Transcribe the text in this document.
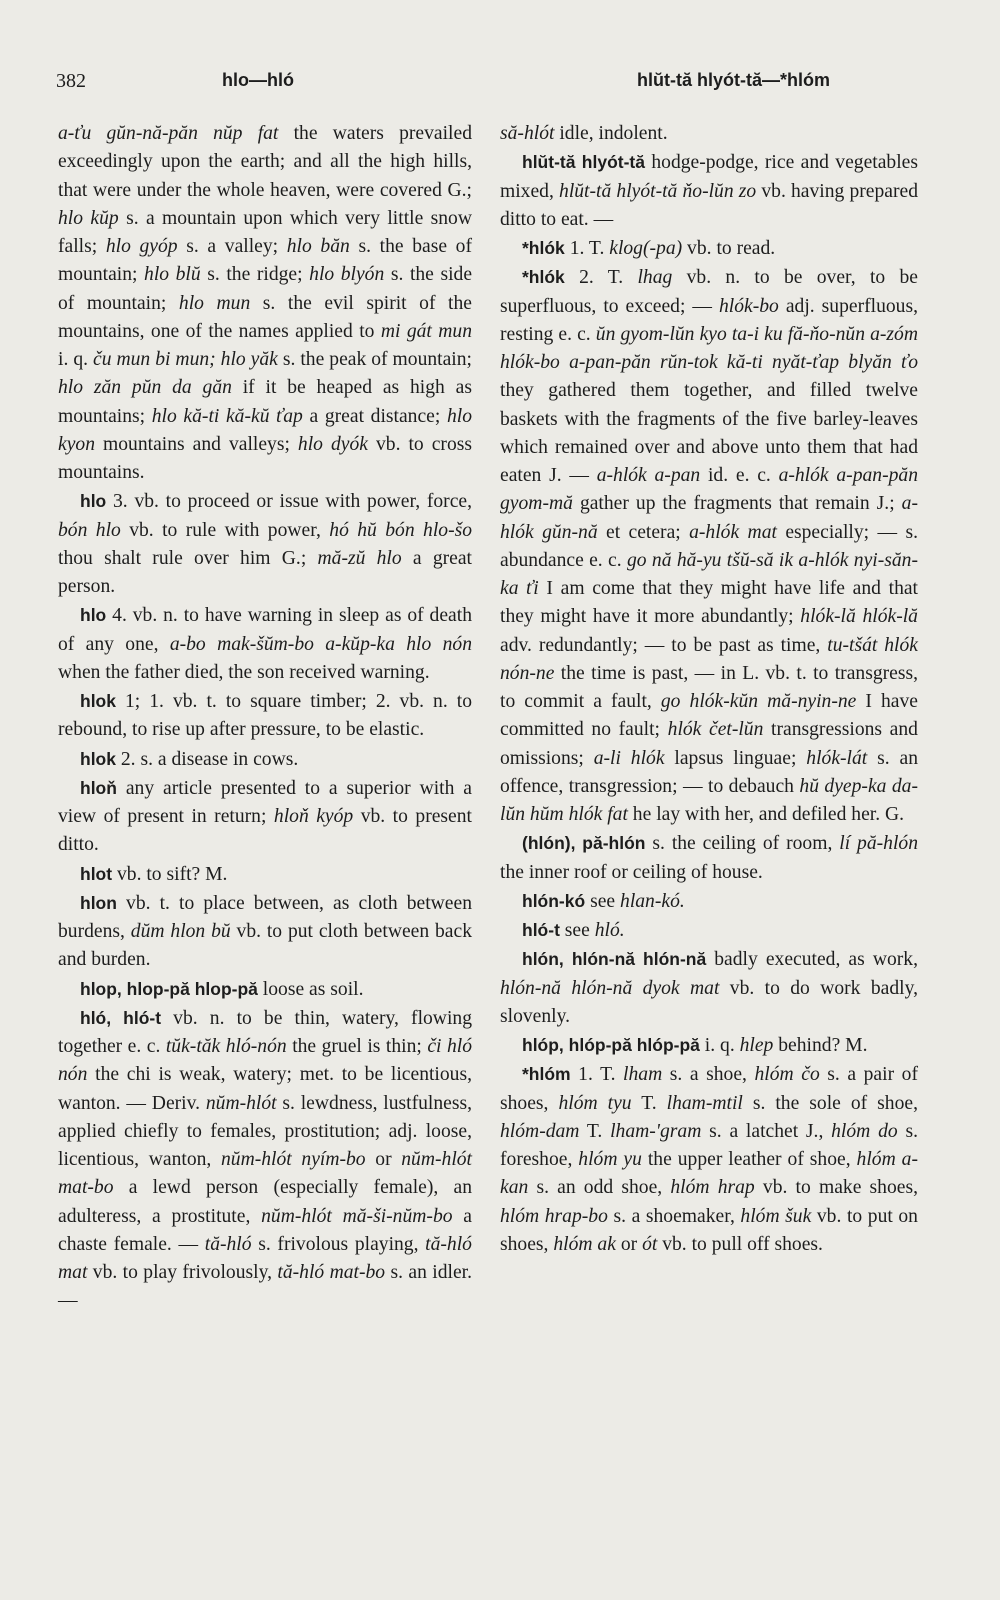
382	hlo—hló	hlŭt-tă hlyót-tă—*hlóm

a-ťu gŭn-nă-păn nŭp fat the waters prevailed exceedingly upon the earth; and all the high hills, that were under the whole heaven, were covered G.; hlo kŭp s. a mountain upon which very little snow falls; hlo gyóp s. a valley; hlo băn s. the base of mountain; hlo blŭ s. the ridge; hlo blyón s. the side of mountain; hlo mun s. the evil spirit of the mountains, one of the names applied to mi gát mun i. q. ču mun bi mun; hlo yăk s. the peak of mountain; hlo zăn pŭn da găn if it be heaped as high as mountains; hlo kă-ti kă-kŭ ťap a great distance; hlo kyon mountains and valleys; hlo dyók vb. to cross mountains.

hlo 3. vb. to proceed or issue with power, force, bón hlo vb. to rule with power, hó hŭ bón hlo-šo thou shalt rule over him G.; mă-zŭ hlo a great person.

hlo 4. vb. n. to have warning in sleep as of death of any one, a-bo mak-šŭm-bo a-kŭp-ka hlo nón when the father died, the son received warning.

hlok 1; 1. vb. t. to square timber; 2. vb. n. to rebound, to rise up after pressure, to be elastic.

hlok 2. s. a disease in cows.

hloň any article presented to a superior with a view of present in return; hloň kyóp vb. to present ditto.

hlot vb. to sift? M.

hlon vb. t. to place between, as cloth between burdens, dŭm hlon bŭ vb. to put cloth between back and burden.

hlop, hlop-pă hlop-pă loose as soil.

hló, hló-t vb. n. to be thin, watery, flowing together e. c. tŭk-tăk hló-nón the gruel is thin; či hló nón the chi is weak, watery; met. to be licentious, wanton. — Deriv. nŭm-hlót s. lewdness, lustfulness, applied chiefly to females, prostitution; adj. loose, licentious, wanton, nŭm-hlót nyím-bo or nŭm-hlót mat-bo a lewd person (especially female), an adulteress, a prostitute, nŭm-hlót mă-ši-nŭm-bo a chaste female. — tă-hló s. frivolous playing, tă-hló mat vb. to play frivolously, tă-hló mat-bo s. an idler. —

să-hlót idle, indolent.

hlŭt-tă hlyót-tă hodge-podge, rice and vegetables mixed, hlŭt-tă hlyót-tă ňo-lŭn zo vb. having prepared ditto to eat. —

*hlók 1. T. klog(-pa) vb. to read.

*hlók 2. T. lhag vb. n. to be over, to be superfluous, to exceed; — hlók-bo adj. superfluous, resting e. c. ŭn gyom-lŭn kyo ta-i ku fă-ňo-nŭn a-zóm hlók-bo a-pan-păn rŭn-tok kă-ti nyăt-ťap blyăn ťo they gathered them together, and filled twelve baskets with the fragments of the five barley-leaves which remained over and above unto them that had eaten J. — a-hlók a-pan id. e. c. a-hlók a-pan-păn gyom-mă gather up the fragments that remain J.; a-hlók gŭn-nă et cetera; a-hlók mat especially; — s. abundance e. c. go nă hă-yu tšŭ-să ik a-hlók nyi-săn-ka ťi I am come that they might have life and that they might have it more abundantly; hlók-lă hlók-lă adv. redundantly; — to be past as time, tu-tšát hlók nón-ne the time is past, — in L. vb. t. to transgress, to commit a fault, go hlók-kŭn mă-nyin-ne I have committed no fault; hlók čet-lŭn transgressions and omissions; a-li hlók lapsus linguae; hlók-lát s. an offence, transgression; — to debauch hŭ dyep-ka da-lŭn hŭm hlók fat he lay with her, and defiled her. G.

(hlón), pă-hlón s. the ceiling of room, lí pă-hlón the inner roof or ceiling of house.

hlón-kó see hlan-kó.

hló-t see hló.

hlón, hlón-nă hlón-nă badly executed, as work, hlón-nă hlón-nă dyok mat vb. to do work badly, slovenly.

hlóp, hlóp-pă hlóp-pă i. q. hlep behind? M.

*hlóm 1. T. lham s. a shoe, hlóm čo s. a pair of shoes, hlóm tyu T. lham-mtil s. the sole of shoe, hlóm-dam T. lham-'gram s. a latchet J., hlóm do s. foreshoe, hlóm yu the upper leather of shoe, hlóm a-kan s. an odd shoe, hlóm hrap vb. to make shoes, hlóm hrap-bo s. a shoemaker, hlóm šuk vb. to put on shoes, hlóm ak or ót vb. to pull off shoes.
